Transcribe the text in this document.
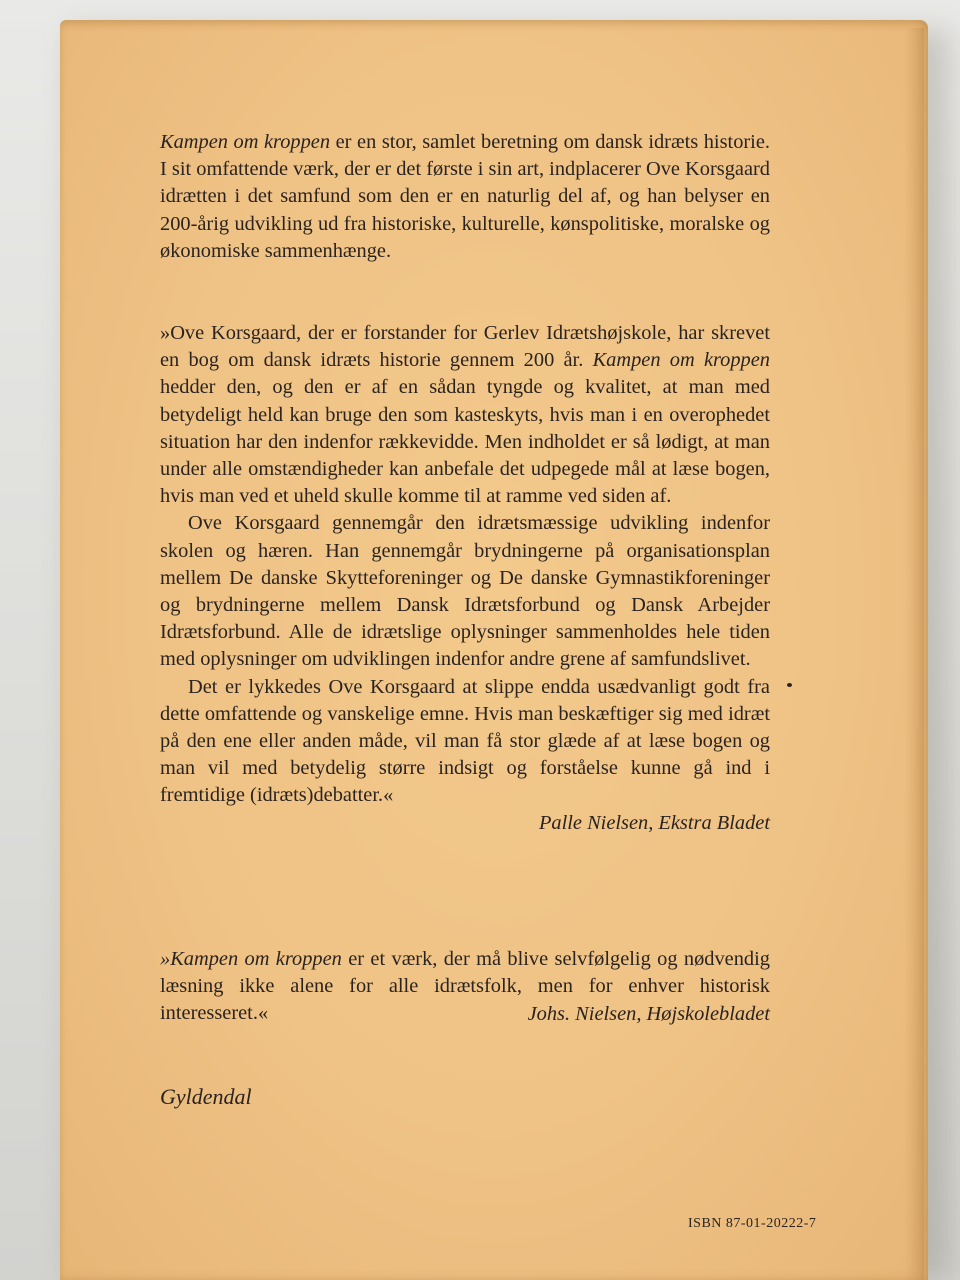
Kampen om kroppen er en stor, samlet beretning om dansk idræts historie. I sit omfattende værk, der er det første i sin art, indplacerer Ove Korsgaard idrætten i det samfund som den er en naturlig del af, og han belyser en 200-årig udvikling ud fra historiske, kulturelle, kønspolitiske, moralske og økonomiske sammenhænge.

»Ove Korsgaard, der er forstander for Gerlev Idrætshøjskole, har skrevet en bog om dansk idræts historie gennem 200 år. Kampen om kroppen hedder den, og den er af en sådan tyngde og kvalitet, at man med betydeligt held kan bruge den som kasteskyts, hvis man i en overophedet situation har den indenfor rækkevidde. Men indholdet er så lødigt, at man under alle omstændigheder kan anbefale det udpegede mål at læse bogen, hvis man ved et uheld skulle komme til at ramme ved siden af.

Ove Korsgaard gennemgår den idrætsmæssige udvikling indenfor skolen og hæren. Han gennemgår brydningerne på organisationsplan mellem De danske Skytteforeninger og De danske Gymnastikforeninger og brydningerne mellem Dansk Idrætsforbund og Dansk Arbejder Idrætsforbund. Alle de idrætslige oplysninger sammenholdes hele tiden med oplysninger om udviklingen indenfor andre grene af samfundslivet.

Det er lykkedes Ove Korsgaard at slippe endda usædvanligt godt fra dette omfattende og vanskelige emne. Hvis man beskæftiger sig med idræt på den ene eller anden måde, vil man få stor glæde af at læse bogen og man vil med betydelig større indsigt og forståelse kunne gå ind i fremtidige (idræts)debatter.«

Palle Nielsen, Ekstra Bladet

»Kampen om kroppen er et værk, der må blive selvfølgelig og nødvendig læsning ikke alene for alle idrætsfolk, men for enhver historisk interesseret.«	Johs. Nielsen, Højskolebladet

Gyldendal
ISBN 87-01-20222-7
